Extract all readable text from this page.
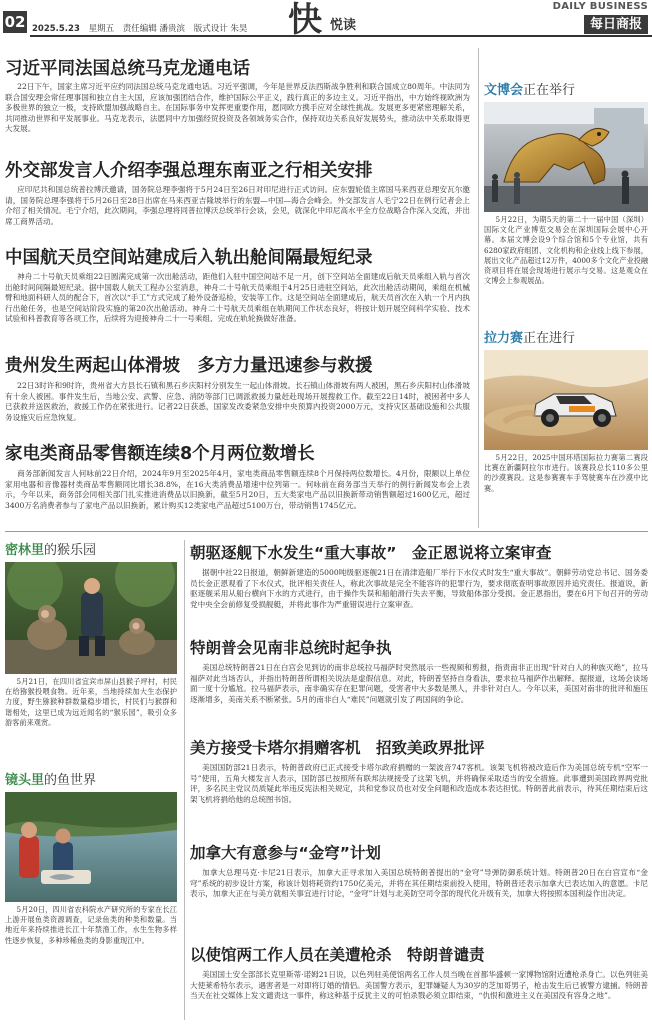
02 2025.5.23 星期五 责任编辑 潘贵滨 版式设计 朱昊 快 悦读
DAILY BUSINESS
每日商报
习近平同法国总统马克龙通电话
22日下午，国家主席习近平应约同法国总统马克龙通电话。习近平强调，今年是世界反法西斯战争胜利和联合国成立80周年。中法同为联合国安理会常任理事国和独立自主大国，应该加强团结合作，维护国际公平正义，践行真正的多边主义。习近平指出，中方始终视欧洲为多极世界的独立一极，支持欧盟加强战略自主。在国际事务中发挥更重要作用，愿同欧方携手应对全球性挑战。发展更多更紧密理解关系，共同推动世界和平发展事业。马克龙表示，法愿同中方加强经贸投资及各领域务实合作，保持双边关系良好发展势头，推动法中关系取得更大发展。
外交部发言人介绍李强总理东南亚之行相关安排
应印尼共和国总统普拉博沃邀请，国务院总理李强将于5月24日至26日对印尼进行正式访问。应东盟轮值主席国马来西亚总理安瓦尔邀请，国务院总理李强将于5月26日至28日出席在马来西亚吉隆坡举行的东盟—中国—海合会峰会。外交部发言人毛宁22日在例行记者会上介绍了相关情况。毛宁介绍，此次期间，李强总理将同普拉博沃总统举行会谈，会见，就深化中印尼高水平全方位战略合作深入交流，并出席工商界活动。
中国航天员空间站建成后入轨出舱间隔最短纪录
神舟二十号航天员乘组22日圆满完成第一次出舱活动，距他们入驻中国空间站不足一月，创下空间站全面建成后航天员乘组入轨与首次出舱时间间隔最短纪录。据中国载人航天工程办公室消息，神舟二十号航天员乘组于4月25日进驻空间站，此次出舱活动期间，乘组在机械臂和地面科研人员的配合下，首次以“手工”方式完成了舱外设备巡检，安装等工作。这是空间站全面建成后，航天员首次在入轨一个月内执行出舱任务，也是空间站阶段实施的第20次出舱活动。神舟二十号航天员乘组在轨期间工作状态良好，将按计划开展空间科学实验、技术试验和科普教育等各项工作，后续将为迎接神舟二十一号乘组、完成在轨轮换做好准备。
贵州发生两起山体滑坡　多方力量迅速参与救援
22日3时许和9时许，贵州省大方县长石镇和黑石乡庆阳村分别发生一起山体滑坡。长石镇山体滑坡有两人被困，黑石乡庆阳村山体滑坡有十余人被困。事件发生后，当地公安、武警、应急、消防等部门已调派救援力量赶赴现场开展搜救工作。截至22日14时，被困者中多人已获救并送医救治，救援工作仍在紧张进行。记者22日获悉，国家发改委紧急安排中央预算内投资2000万元，支持灾区基础设施和公共服务设施灾后应急恢复。
家电类商品零售额连续8个月两位数增长
商务部新闻发言人何咏前22日介绍，2024年9月至2025年4月，家电类商品零售额连续8个月保持两位数增长。4月份，限额以上单位家用电器和音像器材类商品零售额同比增长38.8%，在16大类消费品增速中位列第一。何咏前在商务部当天举行的例行新闻发布会上表示，今年以来，商务部会同相关部门扎实推进消费品以旧换新，截至5月20日，五大类家电产品以旧换新带动销售额超过1600亿元，超过3400万名消费者参与了家电产品以旧换新，累计购买12类家电产品超过5100万台，带动销售1745亿元。
文博会正在举行
5月22日，为期5天的第二十一届中国（深圳）国际文化产业博览交易会在深圳国际会展中心开幕。本届文博会设9个综合馆和5个专业馆，共有6280家政府组团、文化机构和企业线上线下参展，展出文化产品超过12万件，4000多个文化产业投融资项目将在展会现场进行展示与交易。这是观众在文博会上参观展品。
拉力赛正在进行
5月22日，2025中国环塔国际拉力赛第二赛段比赛在新疆阿拉尔市进行。该赛段总长110多公里的沙漠赛段。这是参赛赛车手驾驶赛车在沙漠中比赛。
密林里的猴乐园
5月21日，在四川省宜宾市屏山县猴子坪村，村民在给猕猴投喂食物。近年来，当地持续加大生态保护力度，野生猕猴种群数量稳步增长，村民们与猴群和谐相处，这里已成为远近闻名的“猴乐园”，吸引众多游客前来观赏。
镜头里的鱼世界
5月20日，四川省农科院水产研究所的专家在长江上游开展鱼类资源调查，记录鱼类的种类和数量。当地近年来持续推进长江十年禁渔工作，水生生物多样性逐步恢复，多种珍稀鱼类的身影重现江中。
朝驱逐舰下水发生“重大事故”　金正恩说将立案审查
据朝中社22日报道，朝鲜新建造的5000吨级驱逐舰21日在清津造船厂举行下水仪式时发生“重大事故”。朝鲜劳动党总书记、国务委员长金正恩观看了下水仪式，批评相关责任人，称此次事故是完全不能容许的犯罪行为，要求彻底查明事故原因并追究责任。报道说，新驱逐舰采用从船台横向下水的方式进行，由于操作失误和船舶滑行失去平衡，导致船体部分受损。金正恩指出，要在6月下旬召开的劳动党中央全会前修复受损舰艇，并将此事作为严重错误进行立案审查。
特朗普会见南非总统时起争执
美国总统特朗普21日在白宫会见到访的南非总统拉马福萨时突然展示一些视频和剪报，指责南非正出现“针对白人的种族灭绝”，拉马福萨对此当场否认，并指出特朗普所谓相关说法是虚假信息。对此，特朗普坚持自身看法，要求拉马福萨作出解释。据报道，这场会谈场面一度十分尴尬。拉马福萨表示，南非确实存在犯罪问题，受害者中大多数是黑人，并非针对白人。今年以来，美国对南非的批评和施压逐渐增多，美南关系不断紧张。5月的南非白人“难民”问题就引发了两国间的争论。
美方接受卡塔尔捐赠客机　招致美政界批评
美国国防部21日表示，特朗普政府已正式接受卡塔尔政府捐赠的一架波音747客机。该架飞机将被改造后作为美国总统专机“空军一号”使用，五角大楼发言人表示，国防部已按照所有联邦法规接受了这架飞机，并将确保采取适当的安全措施。此事遭到美国政界两党批评，多名民主党议员质疑此举违反宪法相关规定，共和党参议员也对安全问题和改造成本表达担忧。特朗普此前表示，待其任期结束后这架飞机将捐给他的总统图书馆。
加拿大有意参与“金穹”计划
加拿大总理马克·卡尼21日表示，加拿大正寻求加入美国总统特朗普提出的“金穹”导弹防御系统计划。特朗普20日在白宫宣布“金穹”系统的初步设计方案，称该计划将耗资约1750亿美元，并将在其任期结束前投入使用，特朗普还表示加拿大已表达加入的意愿。卡尼表示，加拿大正在与美方就相关事宜进行讨论，“金穹”计划与北美防空司令部的现代化升级有关，加拿大将按照本国利益作出决定。
以使馆两工作人员在美遭枪杀　特朗普谴责
美国国土安全部部长克里斯蒂·诺姆21日说，以色列驻美使馆两名工作人员当晚在首都华盛顿一家博物馆附近遭枪杀身亡。以色列驻美大使莱希特尔表示，遇害者是一对即将订婚的情侣。美国警方表示，犯罪嫌疑人为30岁的芝加哥男子，枪击发生后已被警方逮捕。特朗普当天在社交媒体上发文谴责这一事件，称这种基于反犹主义的可怕杀戮必须立即结束，“仇恨和激进主义在美国没有容身之地”。
